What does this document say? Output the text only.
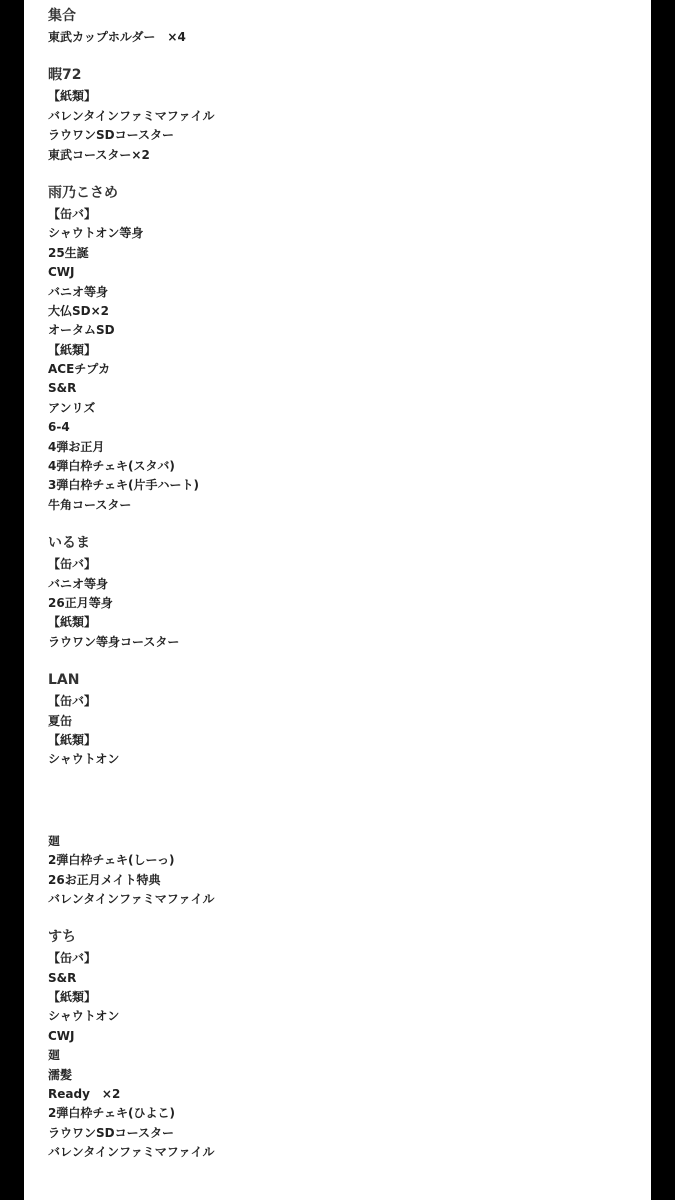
集合
東武カップホルダー　×4
暇72
【紙類】
バレンタインファミマファイル
ラウワンSDコースター
東武コースター×2
雨乃こさめ
【缶バ】
シャウトオン等身
25生誕
CWJ
バニオ等身
大仏SD×2
オータムSD
【紙類】
ACEチプカ
S&R
アンリズ
6-4
4弾お正月
4弾白枠チェキ(スタバ)
3弾白枠チェキ(片手ハート)
牛角コースター
いるま
【缶バ】
バニオ等身
26正月等身
【紙類】
ラウワン等身コースター
LAN
【缶バ】
夏缶
【紙類】
シャウトオン
廻
2弾白枠チェキ(しーっ)
26お正月メイト特典
バレンタインファミマファイル
すち
【缶バ】
S&R
【紙類】
シャウトオン
CWJ
廻
濡髪
Ready　×2
2弾白枠チェキ(ひよこ)
ラウワンSDコースター
バレンタインファミマファイル
